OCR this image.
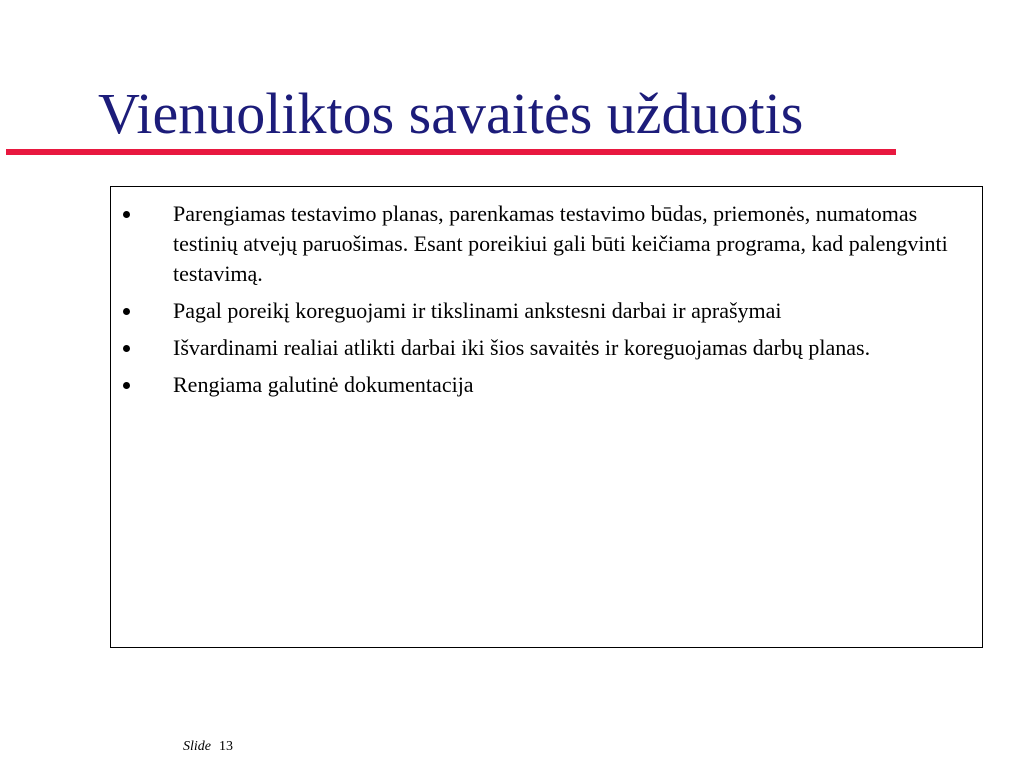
Vienuoliktos savaitės užduotis
Parengiamas testavimo planas, parenkamas testavimo būdas, priemonės, numatomas testinių atvejų paruošimas. Esant poreikiui gali būti keičiama programa, kad palengvinti testavimą.
Pagal poreikį koreguojami ir tikslinami ankstesni darbai ir aprašymai
Išvardinami realiai atlikti darbai iki šios savaitės ir koreguojamas darbų planas.
Rengiama galutinė dokumentacija
Slide 13
